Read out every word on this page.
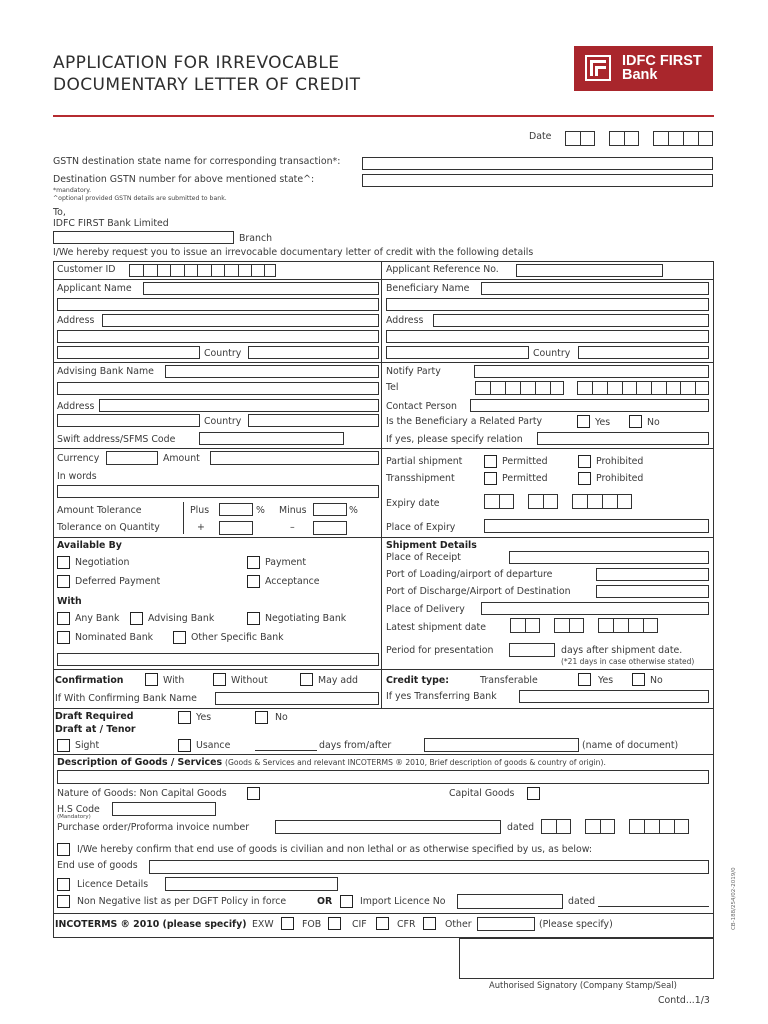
APPLICATION FOR IRREVOCABLE
DOCUMENTARY LETTER OF CREDIT
IDFC FIRST
Bank
Date
GSTN destination state name for corresponding transaction*:
Destination GSTN number for above mentioned state^:
*mandatory.
^optional provided GSTN details are submitted to bank.
To,
IDFC FIRST Bank Limited
Branch
I/We hereby request you to issue an irrevocable documentary letter of credit with the following details
Customer ID	Applicant Reference No.
Applicant Name
Address
Country
Advising Bank Name
Address
Country
Swift address/SFMS Code
Beneficiary Name
Address
Country
Notify Party
Tel
Contact Person
Is the Beneficiary a Related Party	Yes	No
If yes, please specify relation
Currency	Amount
In words
Amount Tolerance	Plus	% Minus	%
Tolerance on Quantity	+	–
Partial shipment	Permitted	Prohibited
Transshipment	Permitted	Prohibited
Expiry date
Place of Expiry
Available By
Negotiation	Payment
Deferred Payment	Acceptance
With
Any Bank	Advising Bank	Negotiating Bank
Nominated Bank	Other Specific Bank
Shipment Details
Place of Receipt
Port of Loading/airport of departure
Port of Discharge/Airport of Destination
Place of Delivery
Latest shipment date
Period for presentation	days after shipment date.
(*21 days in case otherwise stated)
Confirmation	With	Without	May add
If With Confirming Bank Name
Credit type:	Transferable	Yes	No
If yes Transferring Bank
Draft Required	Yes	No
Draft at / Tenor
Sight	Usance	days from/after	(name of document)
Description of Goods / Services (Goods & Services and relevant INCOTERMS ® 2010, Brief description of goods & country of origin).
Nature of Goods: Non Capital Goods	Capital Goods
H.S Code
(Mandatory)
Purchase order/Proforma invoice number	dated
I/We hereby confirm that end use of goods is civilian and non lethal or as otherwise specified by us, as below:
End use of goods
Licence Details
Non Negative list as per DGFT Policy in force	OR	Import Licence No	dated
INCOTERMS ® 2010 (please specify) EXW	FOB	CIF	CFR	Other	(Please specify)
Authorised Signatory (Company Stamp/Seal)
Contd...1/3
CB-188/254/02-2019/0
